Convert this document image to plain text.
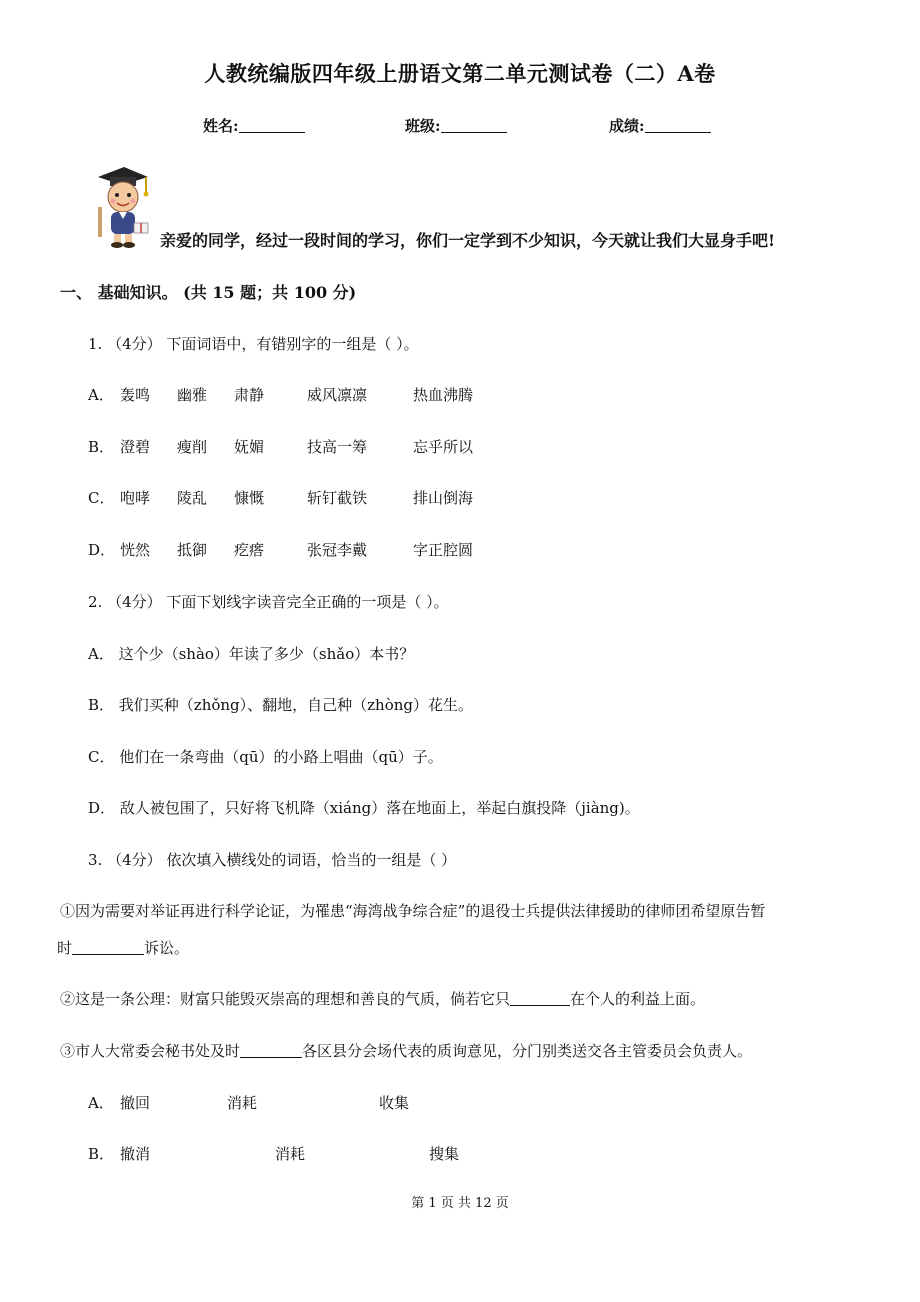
人教统编版四年级上册语文第二单元测试卷（二）A卷
姓名:	班级:	成绩:
亲爱的同学，经过一段时间的学习，你们一定学到不少知识，今天就让我们大显身手吧!
一、 基础知识。 (共 15 题；共 100 分)
1. （4分） 下面词语中，有错别字的一组是（ ）。
A． 轰鸣 幽雅 肃静	威风凛凛	热血沸腾
B． 澄碧 瘦削 妩媚	技高一筹	忘乎所以
C． 咆哮 陵乱 慷慨	斩钉截铁	排山倒海
D． 恍然 抵御 疙瘩	张冠李戴	字正腔圆
2. （4分） 下面下划线字读音完全正确的一项是（ ）。
A． 这个少（shào）年读了多少（shǎo）本书？
B． 我们买种（zhǒng）、翻地，自己种（zhòng）花生。
C． 他们在一条弯曲（qū）的小路上唱曲（qū）子。
D． 敌人被包围了，只好将飞机降（xiáng）落在地面上，举起白旗投降（jiàng)。
3. （4分） 依次填入横线处的词语，恰当的一组是（ ）
①因为需要对举证再进行科学论证，为罹患“海湾战争综合症”的退役士兵提供法律援助的律师团希望原告暂
时	诉讼。
②这是一条公理：财富只能毁灭崇高的理想和善良的气质，倘若它只	在个人的利益上面。
③市人大常委会秘书处及时	各区县分会场代表的质询意见，分门别类送交各主管委员会负责人。
A． 撤回	消耗	收集
B． 撤消	消耗	搜集
第 1 页 共 12 页
